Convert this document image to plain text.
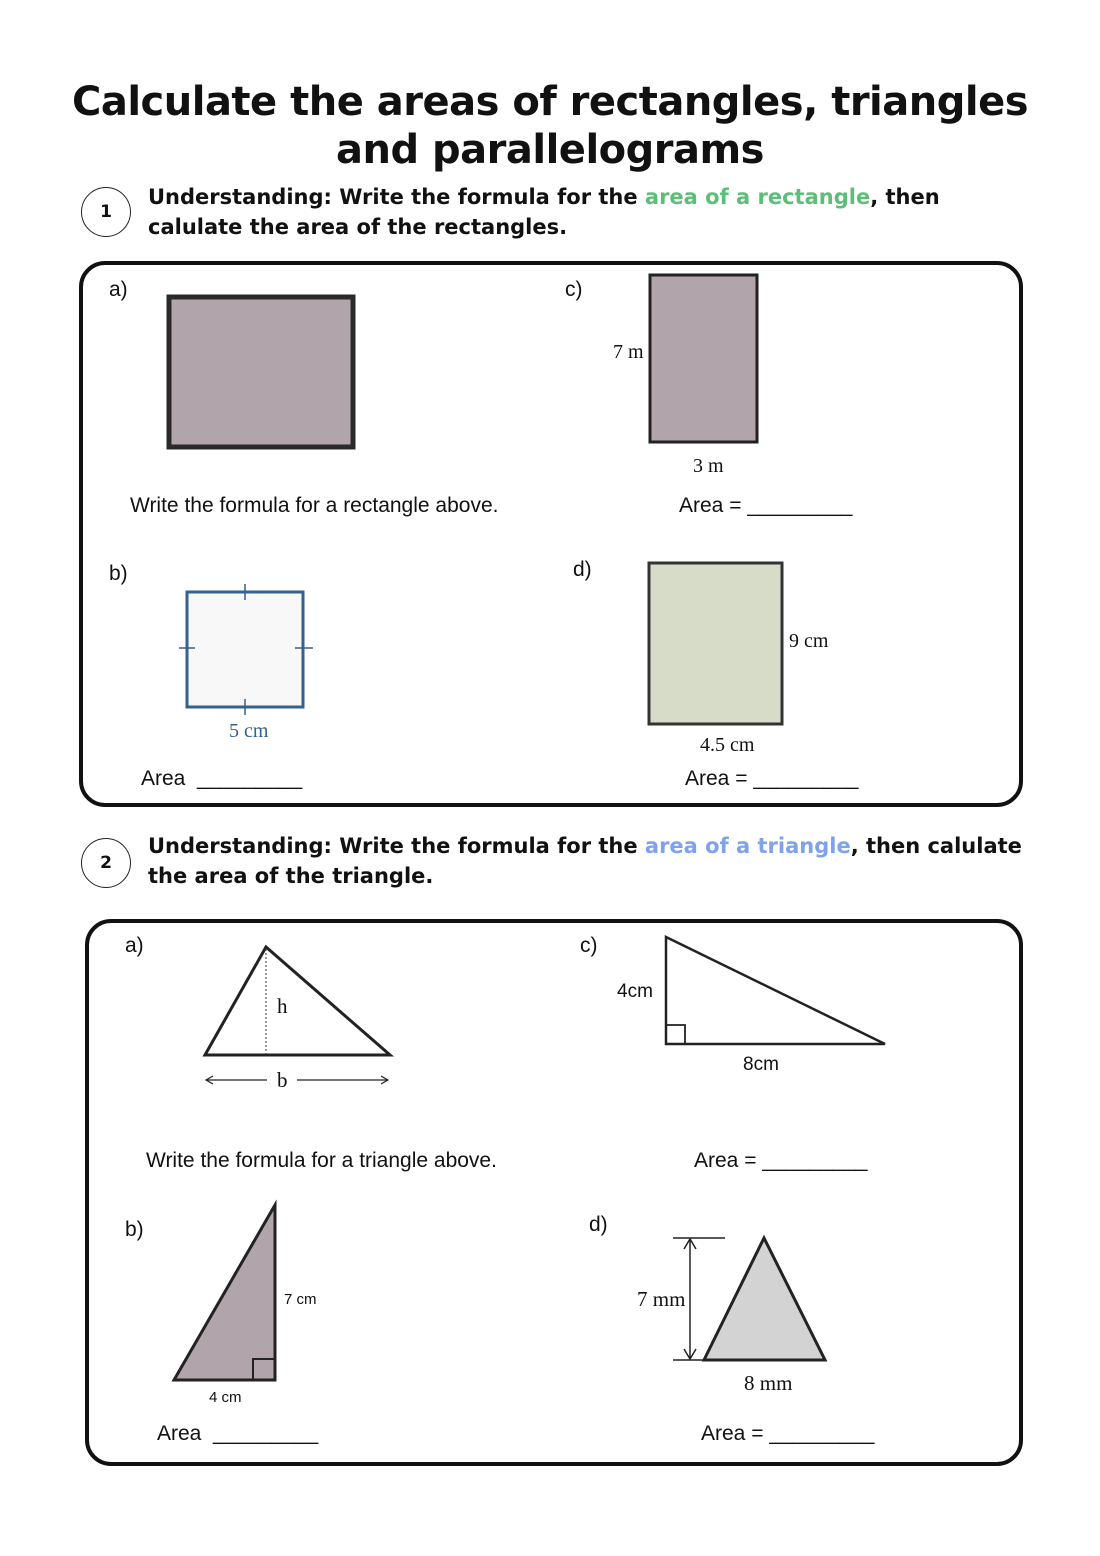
Calculate the areas of rectangles, triangles
and parallelograms
1
Understanding: Write the formula for the area of a rectangle, then calulate the area of the rectangles.
a)
Write the formula for a rectangle above.
c)
7 m
3 m
Area = _________
b)
5 cm
Area _________
d)
9 cm
4.5 cm
Area = _________
2
Understanding: Write the formula for the area of a triangle, then calulate the area of the triangle.
a)
h
b
Write the formula for a triangle above.
c)
4cm
8cm
Area = _________
b)
7 cm
4 cm
Area _________
d)
7 mm
8 mm
Area = _________
